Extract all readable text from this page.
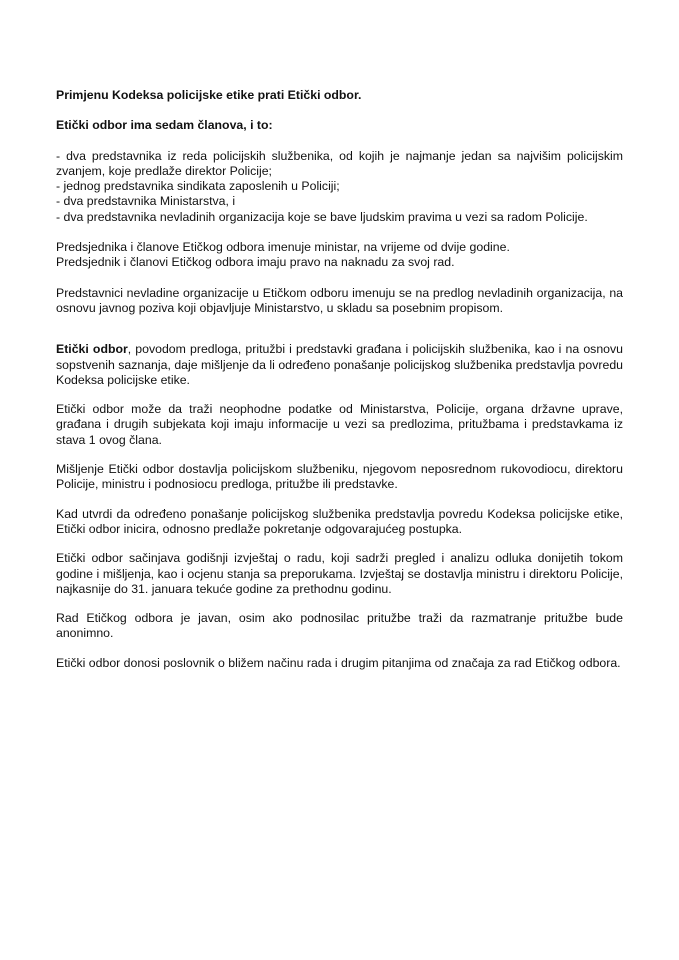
Primjenu Kodeksa policijske etike prati Etički odbor.

Etički odbor ima sedam članova, i to:

- dva predstavnika iz reda policijskih službenika, od kojih je najmanje jedan sa najvišim policijskim zvanjem, koje predlaže direktor Policije;
- jednog predstavnika sindikata zaposlenih u Policiji;
- dva predstavnika Ministarstva, i
- dva predstavnika nevladinih organizacija koje se bave ljudskim pravima u vezi sa radom Policije.

Predsjednika i članove Etičkog odbora imenuje ministar, na vrijeme od dvije godine.
Predsjednik i članovi Etičkog odbora imaju pravo na naknadu za svoj rad.

Predstavnici nevladine organizacije u Etičkom odboru imenuju se na predlog nevladinih organizacija, na osnovu javnog poziva koji objavljuje Ministarstvo, u skladu sa posebnim propisom.

Etički odbor, povodom predloga, pritužbi i predstavki građana i policijskih službenika, kao i na osnovu sopstvenih saznanja, daje mišljenje da li određeno ponašanje policijskog službenika predstavlja povredu Kodeksa policijske etike.

Etički odbor može da traži neophodne podatke od Ministarstva, Policije, organa državne uprave, građana i drugih subjekata koji imaju informacije u vezi sa predlozima, pritužbama i predstavkama iz stava 1 ovog člana.

Mišljenje Etički odbor dostavlja policijskom službeniku, njegovom neposrednom rukovodiocu, direktoru Policije, ministru i podnosiocu predloga, pritužbe ili predstavke.

Kad utvrdi da određeno ponašanje policijskog službenika predstavlja povredu Kodeksa policijske etike, Etički odbor inicira, odnosno predlaže pokretanje odgovarajućeg postupka.

Etički odbor sačinjava godišnji izvještaj o radu, koji sadrži pregled i analizu odluka donijetih tokom godine i mišljenja, kao i ocjenu stanja sa preporukama. Izvještaj se dostavlja ministru i direktoru Policije, najkasnije do 31. januara tekuće godine za prethodnu godinu.

Rad Etičkog odbora je javan, osim ako podnosilac pritužbe traži da razmatranje pritužbe bude anonimno.

Etički odbor donosi poslovnik o bližem načinu rada i drugim pitanjima od značaja za rad Etičkog odbora.
